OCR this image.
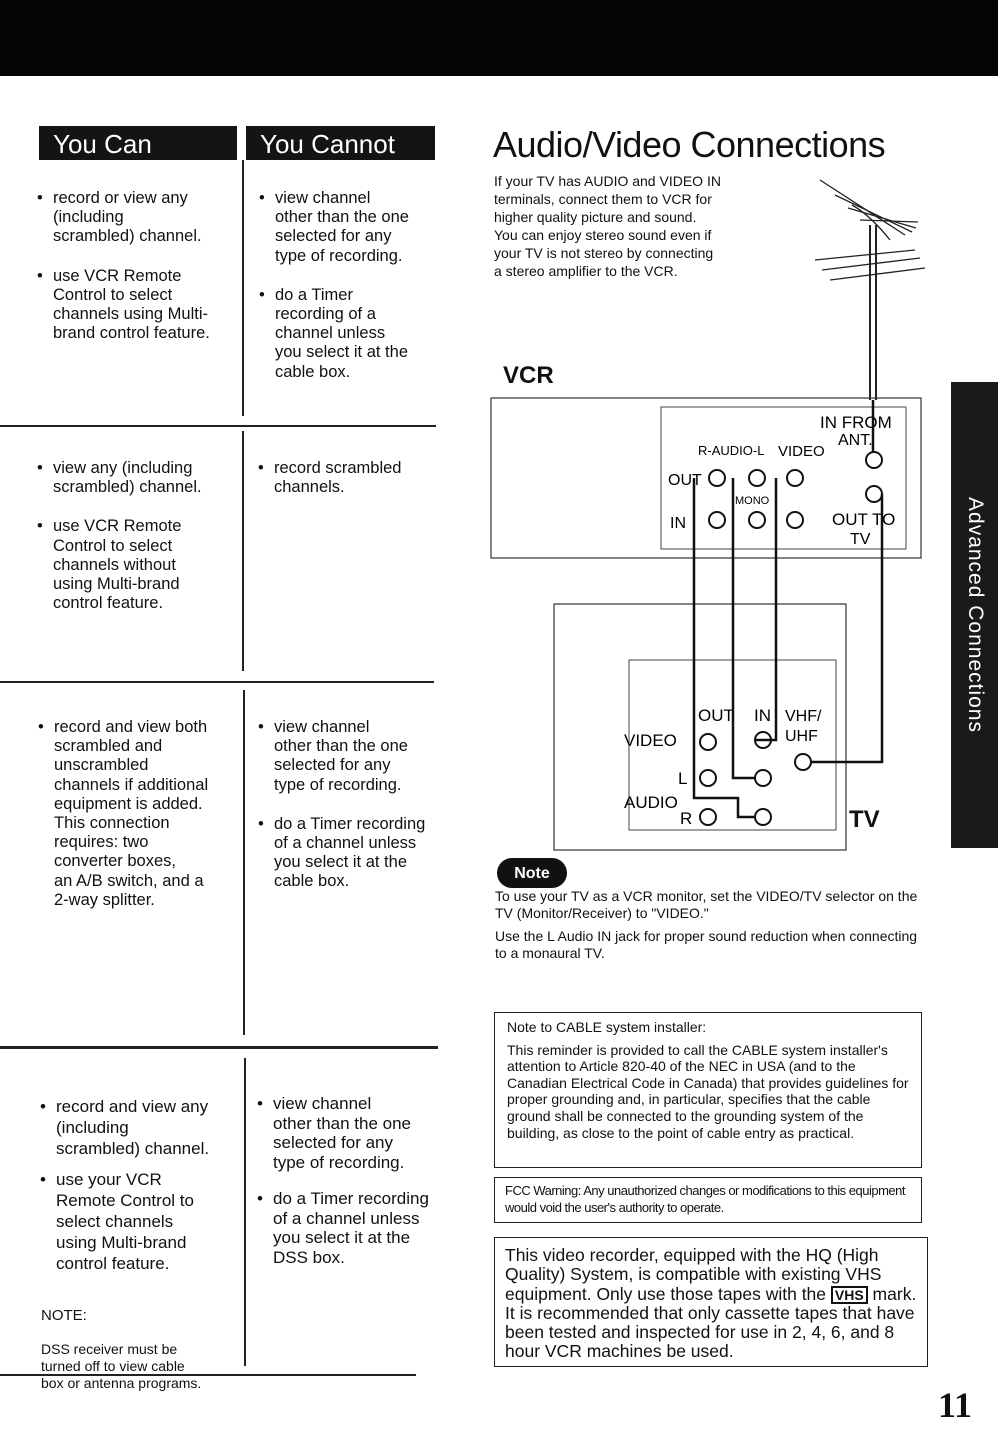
You Can	You Cannot
• record or view any
(including
scrambled) channel.
• use VCR Remote
Control to select
channels using Multi-
brand control feature.
• view channel
other than the one
selected for any
type of recording.
• do a Timer
recording of a
channel unless
you select it at the
cable box.
• view any (including
scrambled) channel.
• use VCR Remote
Control to select
channels without
using Multi-brand
control feature.
• record scrambled
channels.
• record and view both
scrambled and
unscrambled
channels if additional
equipment is added.
This connection
requires: two
converter boxes,
an A/B switch, and a
2-way splitter.
• view channel
other than the one
selected for any
type of recording.
• do a Timer recording
of a channel unless
you select it at the
cable box.
• record and view any
(including
scrambled) channel.
• use your VCR
Remote Control to
select channels
using Multi-brand
control feature.

NOTE:

DSS receiver must be
turned off to view cable
box or antenna programs.

• view channel
other than the one
selected for any
type of recording.
• do a Timer recording
of a channel unless
you select it at the
DSS box.
Audio/Video Connections
If your TV has AUDIO and VIDEO IN
terminals, connect them to VCR for
higher quality picture and sound.
You can enjoy stereo sound even if
your TV is not stereo by connecting
a stereo amplifier to the VCR.
VCR
TV
IN FROM
ANT.
R-AUDIO-L VIDEO
OUT
MONO
IN	OUT TO
TV
OUT IN VHF/
UHF
VIDEO
L
AUDIO
R
Note

To use your TV as a VCR monitor, set the VIDEO/TV selector on the TV (Monitor/Receiver) to "VIDEO."

Use the L Audio IN jack for proper sound reduction when connecting to a monaural TV.

Note to CABLE system installer:

This reminder is provided to call the CABLE system installer's attention to Article 820-40 of the NEC in USA (and to the Canadian Electrical Code in Canada) that provides guidelines for proper grounding and, in particular, specifies that the cable ground shall be connected to the grounding system of the building, as close to the point of cable entry as practical.

FCC Warning: Any unauthorized changes or modifications to this equipment would void the user's authority to operate.
This video recorder, equipped with the HQ (High Quality) System, is compatible with existing VHS equipment. Only use those tapes with the VHS mark. It is recommended that only cassette tapes that have been tested and inspected for use in 2, 4, 6, and 8 hour VCR machines be used.
Advanced Connections
11
